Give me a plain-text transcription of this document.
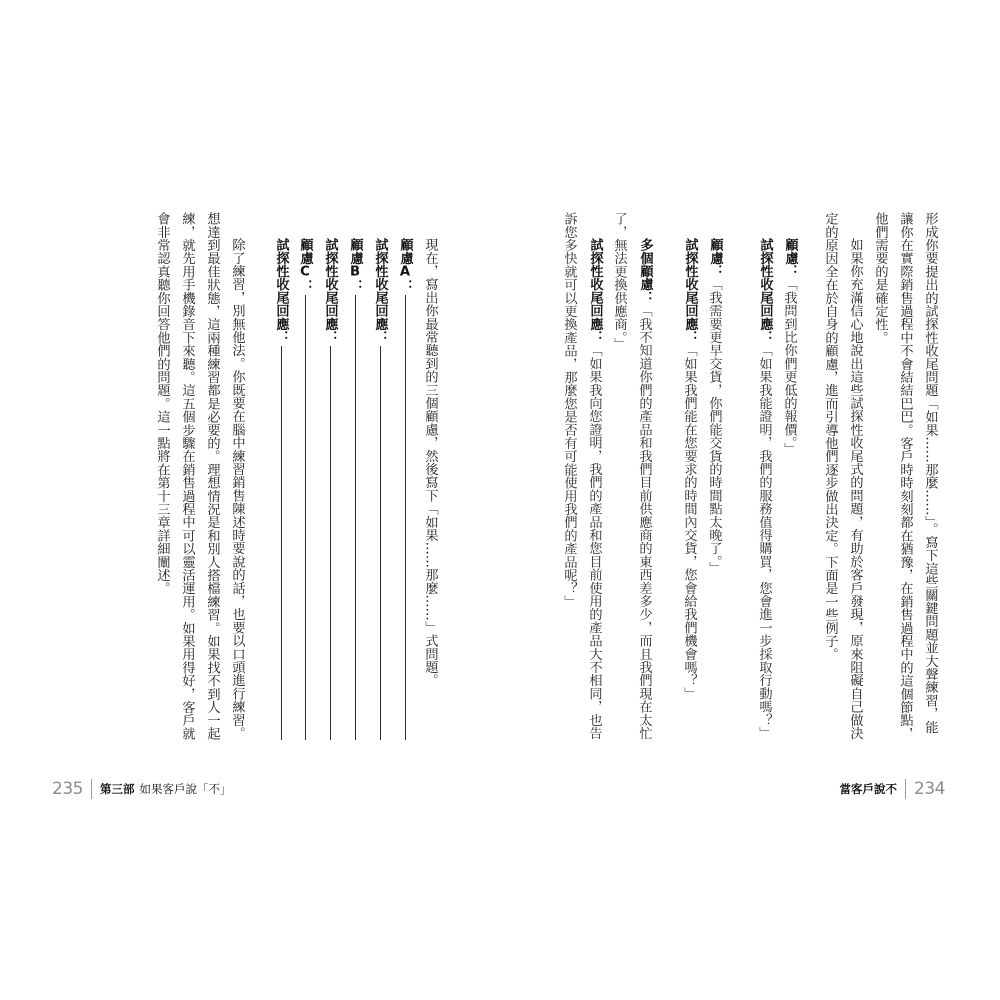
形成你要提出的試探性收尾問題「如果……那麼……」。寫下這些關鍵問題並大聲練習，能
讓你在實際銷售過程中不會結結巴巴。客戶時時刻刻都在猶豫，在銷售過程中的這個節點，
他們需要的是確定性。
如果你充滿信心地說出這些試探性收尾式的問題，有助於客戶發現，原來阻礙自己做決
定的原因全在於自身的顧慮，進而引導他們逐步做出決定。下面是一些例子。
顧慮：「我問到比你們更低的報價。」
試探性收尾回應：「如果我能證明，我們的服務值得購買，您會進一步採取行動嗎？」
顧慮：「我需要更早交貨，你們能交貨的時間點太晚了。」
試探性收尾回應：「如果我們能在您要求的時間內交貨，您會給我們機會嗎？」
多個顧慮：「我不知道你們的產品和我們目前供應商的東西差多少，而且我們現在太忙
了，無法更換供應商。」
試探性收尾回應：「如果我向您證明，我們的產品和您目前使用的產品大不相同，也告
訴您多快就可以更換產品，那麼您是否有可能使用我們的產品呢？」
現在，寫出你最常聽到的三個顧慮，然後寫下「如果……那麼……」式問題。
顧慮A：
試探性收尾回應：
顧慮B：
試探性收尾回應：
顧慮C：
試探性收尾回應：
除了練習，別無他法。你既要在腦中練習銷售陳述時要說的話，也要以口頭進行練習。
想達到最佳狀態，這兩種練習都是必要的。理想情況是和別人搭檔練習。如果找不到人一起
練，就先用手機錄音下來聽。這五個步驟在銷售過程中可以靈活運用。如果用得好，客戶就
會非常認真聽你回答他們的問題。這一點將在第十三章詳細闡述。
235 第三部 如果客戶說「不」	當客戶說不 234
